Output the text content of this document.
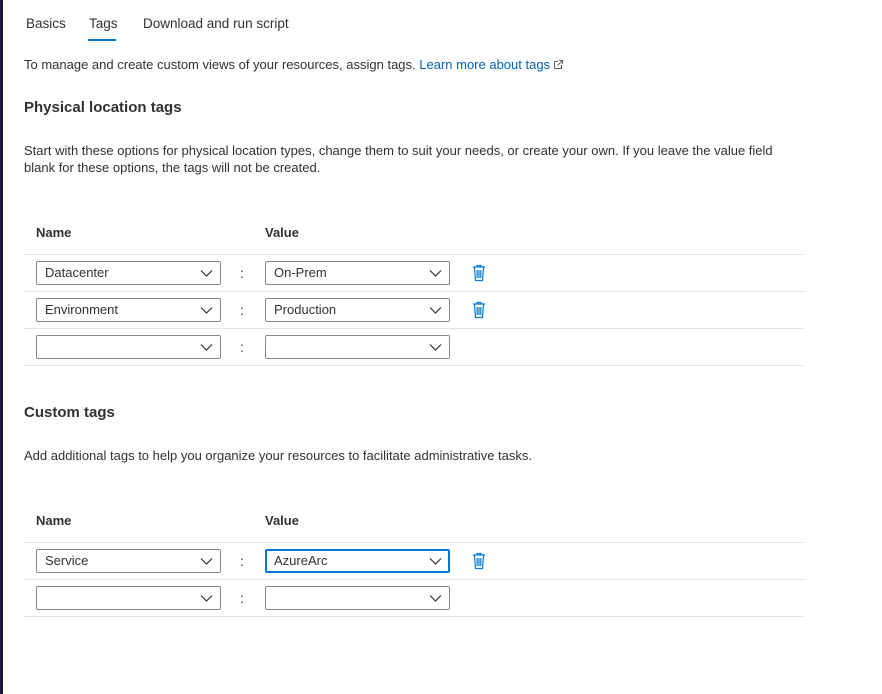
Basics Tags Download and run script
To manage and create custom views of your resources, assign tags. Learn more about tags
Physical location tags
Start with these options for physical location types, change them to suit your needs, or create your own. If you leave the value field blank for these options, the tags will not be created.
Name	Value
Datacenter	: On-Prem
Environment	: Production
:
Custom tags
Add additional tags to help you organize your resources to facilitate administrative tasks.
Name	Value
Service	: AzureArc
:
